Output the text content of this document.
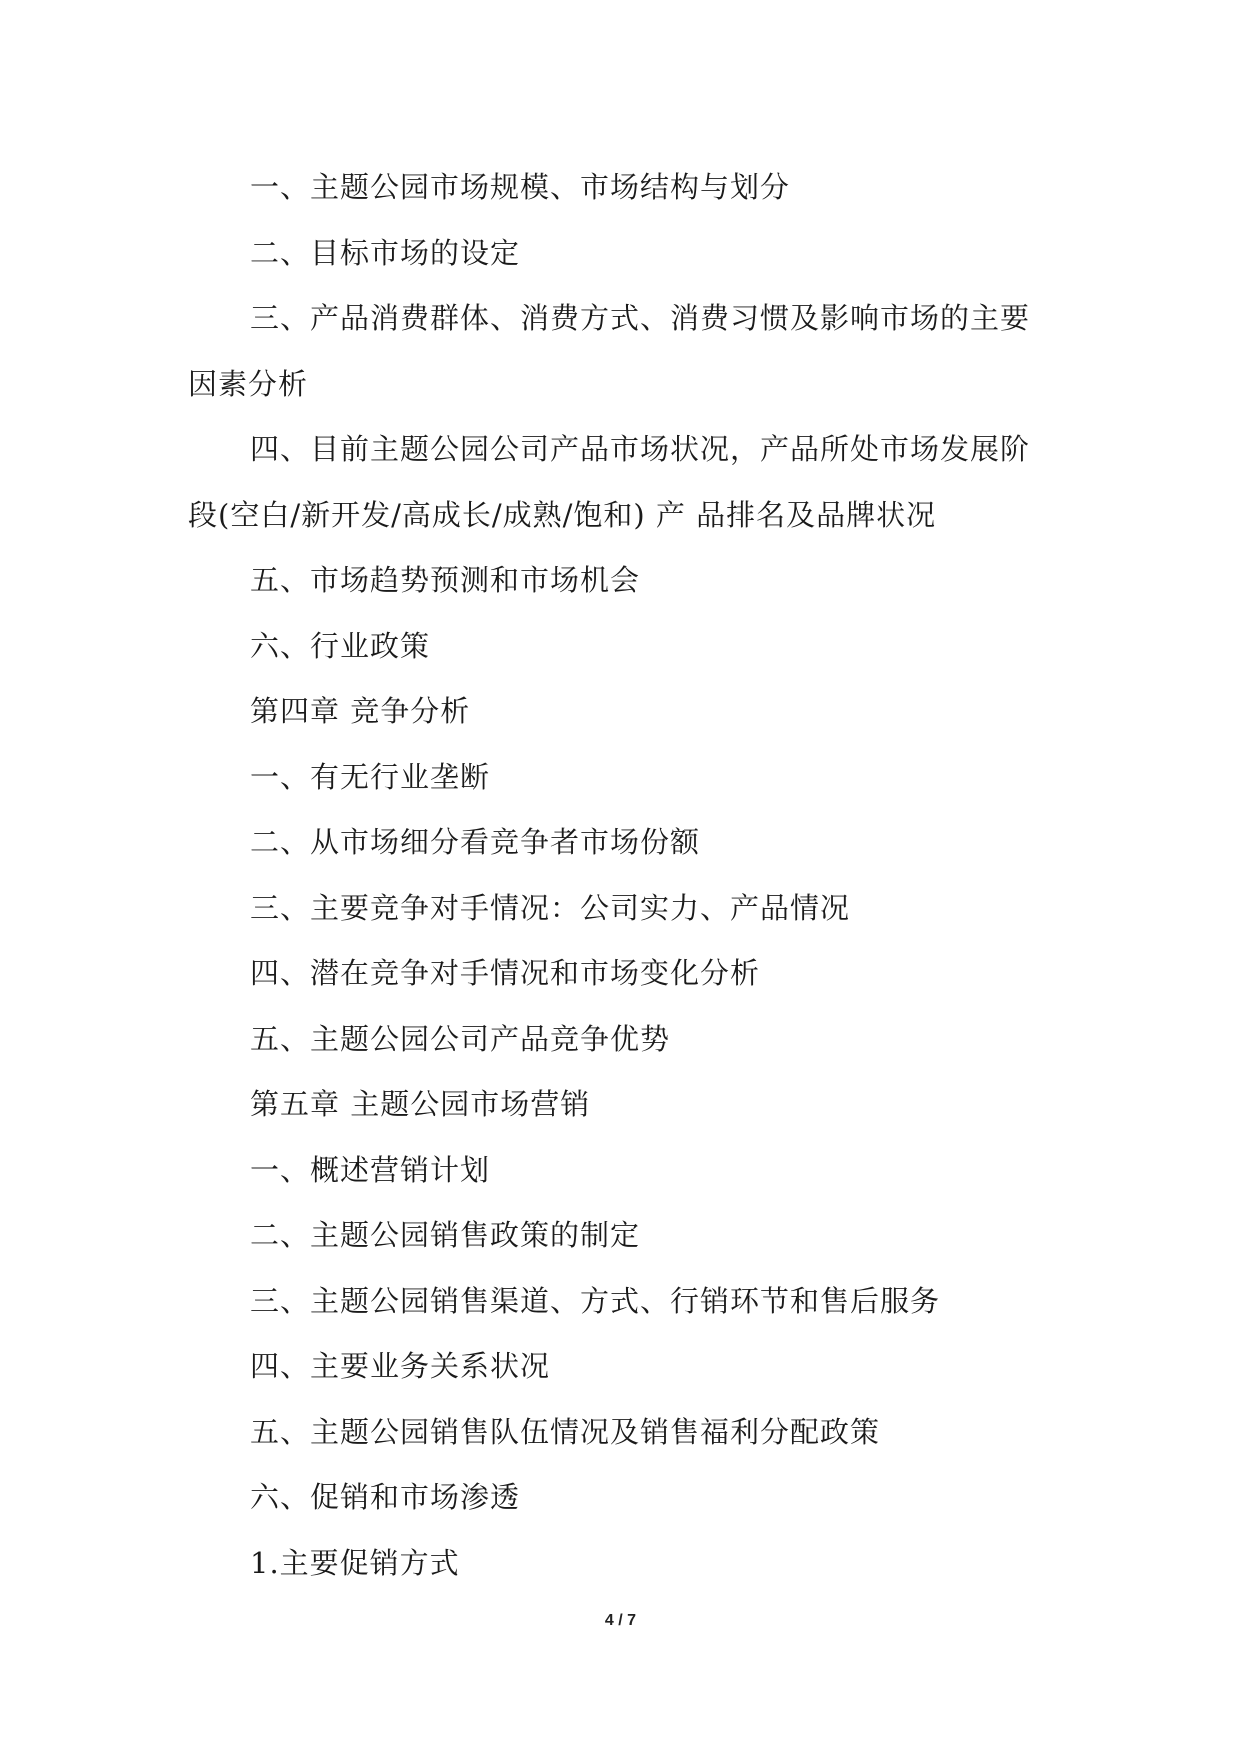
一、主题公园市场规模、市场结构与划分
二、目标市场的设定
三、产品消费群体、消费方式、消费习惯及影响市场的主要
因素分析
四、目前主题公园公司产品市场状况，产品所处市场发展阶
段(空白/新开发/高成长/成熟/饱和) 产 品排名及品牌状况
五、市场趋势预测和市场机会
六、行业政策
第四章 竞争分析
一、有无行业垄断
二、从市场细分看竞争者市场份额
三、主要竞争对手情况：公司实力、产品情况
四、潜在竞争对手情况和市场变化分析
五、主题公园公司产品竞争优势
第五章 主题公园市场营销
一、概述营销计划
二、主题公园销售政策的制定
三、主题公园销售渠道、方式、行销环节和售后服务
四、主要业务关系状况
五、主题公园销售队伍情况及销售福利分配政策
六、促销和市场渗透
1.主要促销方式
4 / 7
